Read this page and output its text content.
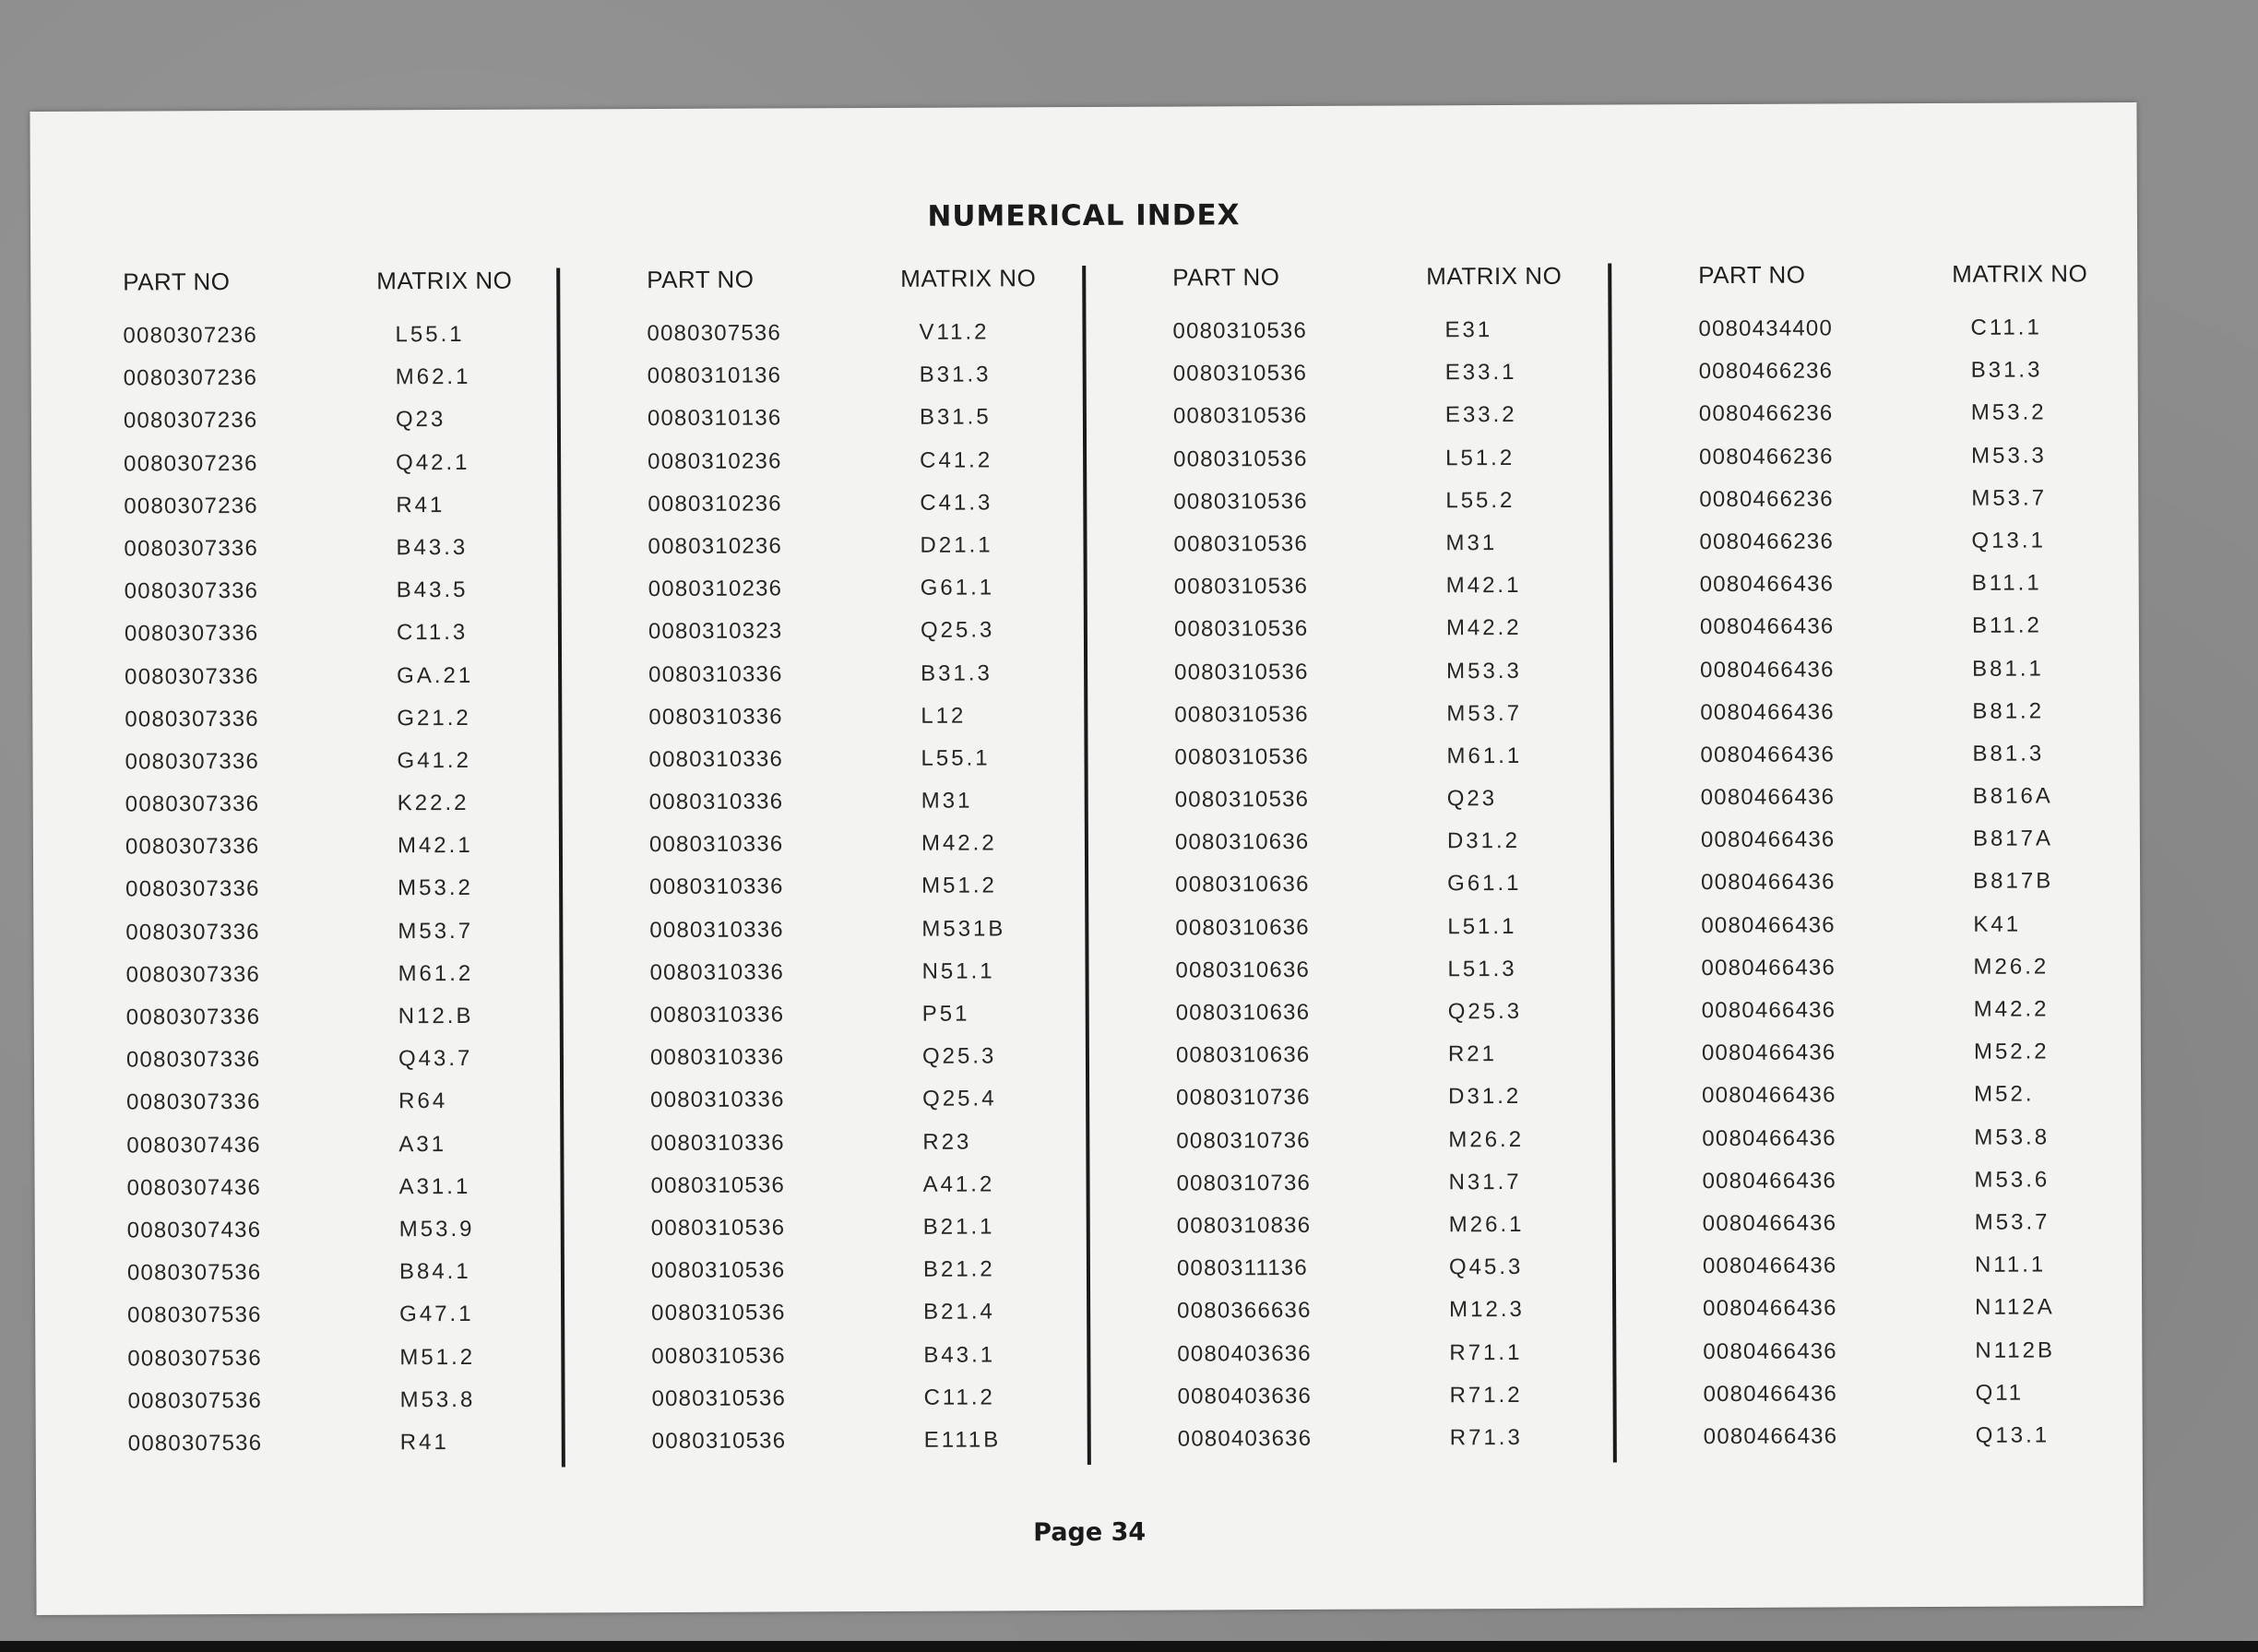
NUMERICAL INDEX
PART NO	MATRIX NO
0080307236	L55.1
0080307236	M62.1
0080307236	Q23
0080307236	Q42.1
0080307236	R41
0080307336	B43.3
0080307336	B43.5
0080307336	C11.3
0080307336	GA.21
0080307336	G21.2
0080307336	G41.2
0080307336	K22.2
0080307336	M42.1
0080307336	M53.2
0080307336	M53.7
0080307336	M61.2
0080307336	N12.B
0080307336	Q43.7
0080307336	R64
0080307436	A31
0080307436	A31.1
0080307436	M53.9
0080307536	B84.1
0080307536	G47.1
0080307536	M51.2
0080307536	M53.8
0080307536	R41
PART NO	MATRIX NO
0080307536	V11.2
0080310136	B31.3
0080310136	B31.5
0080310236	C41.2
0080310236	C41.3
0080310236	D21.1
0080310236	G61.1
0080310323	Q25.3
0080310336	B31.3
0080310336	L12
0080310336	L55.1
0080310336	M31
0080310336	M42.2
0080310336	M51.2
0080310336	M531B
0080310336	N51.1
0080310336	P51
0080310336	Q25.3
0080310336	Q25.4
0080310336	R23
0080310536	A41.2
0080310536	B21.1
0080310536	B21.2
0080310536	B21.4
0080310536	B43.1
0080310536	C11.2
0080310536	E111B
PART NO	MATRIX NO
0080310536	E31
0080310536	E33.1
0080310536	E33.2
0080310536	L51.2
0080310536	L55.2
0080310536	M31
0080310536	M42.1
0080310536	M42.2
0080310536	M53.3
0080310536	M53.7
0080310536	M61.1
0080310536	Q23
0080310636	D31.2
0080310636	G61.1
0080310636	L51.1
0080310636	L51.3
0080310636	Q25.3
0080310636	R21
0080310736	D31.2
0080310736	M26.2
0080310736	N31.7
0080310836	M26.1
0080311136	Q45.3
0080366636	M12.3
0080403636	R71.1
0080403636	R71.2
0080403636	R71.3
PART NO	MATRIX NO
0080434400	C11.1
0080466236	B31.3
0080466236	M53.2
0080466236	M53.3
0080466236	M53.7
0080466236	Q13.1
0080466436	B11.1
0080466436	B11.2
0080466436	B81.1
0080466436	B81.2
0080466436	B81.3
0080466436	B816A
0080466436	B817A
0080466436	B817B
0080466436	K41
0080466436	M26.2
0080466436	M42.2
0080466436	M52.2
0080466436	M52.
0080466436	M53.8
0080466436	M53.6
0080466436	M53.7
0080466436	N11.1
0080466436	N112A
0080466436	N112B
0080466436	Q11
0080466436	Q13.1
Page 34
